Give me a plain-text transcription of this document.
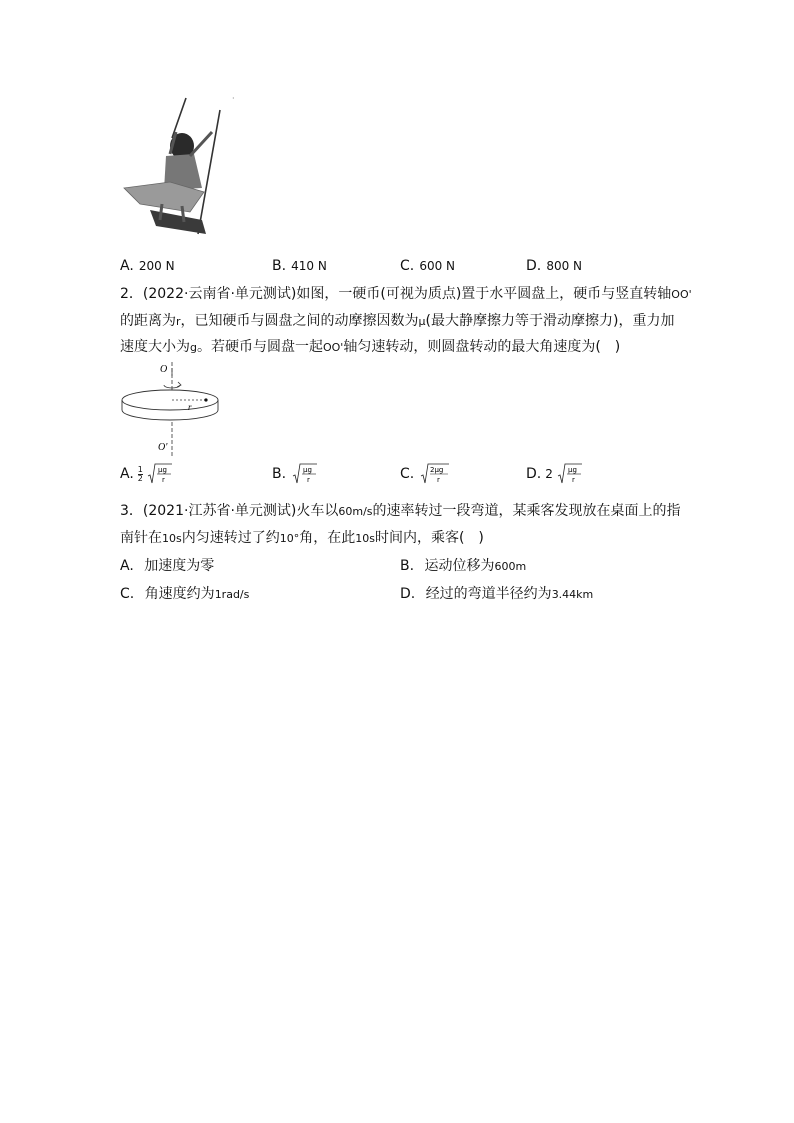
·
A. 200 N	B. 410 N	C. 600 N	D. 800 N
2．(2022·云南省·单元测试)如图，一硬币(可视为质点)置于水平圆盘上，硬币与竖直转轴OO'
的距离为r，已知硬币与圆盘之间的动摩擦因数为μ(最大静摩擦力等于滑动摩擦力)，重力加
速度大小为g。若硬币与圆盘一起OO'轴匀速转动，则圆盘转动的最大角速度为(　)
O
O'
r
A. $\frac{1}{2}$ μg
r	B. μg
r	C. 2μg
r	D. 2 μg
r
3．(2021·江苏省·单元测试)火车以60m/s的速率转过一段弯道，某乘客发现放在桌面上的指
南针在10s内匀速转过了约10°角，在此10s时间内，乘客(　)
A. 加速度为零	B. 运动位移为600m
C. 角速度约为1rad/s	D. 经过的弯道半径约为3.44km
